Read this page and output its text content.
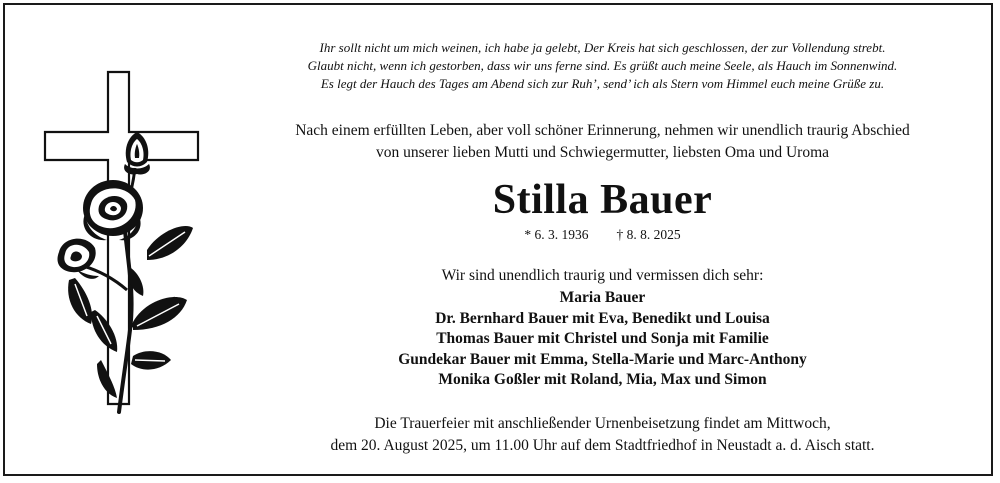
Ihr sollt nicht um mich weinen, ich habe ja gelebt, Der Kreis hat sich geschlossen, der zur Vollendung strebt.
Glaubt nicht, wenn ich gestorben, dass wir uns ferne sind. Es grüßt auch meine Seele, als Hauch im Sonnenwind.
Es legt der Hauch des Tages am Abend sich zur Ruh’, send’ ich als Stern vom Himmel euch meine Grüße zu.
Nach einem erfüllten Leben, aber voll schöner Erinnerung, nehmen wir unendlich traurig Abschied
von unserer lieben Mutti und Schwiegermutter, liebsten Oma und Uroma
Stilla Bauer
* 6. 3. 1936 † 8. 8. 2025
Wir sind unendlich traurig und vermissen dich sehr:
Maria Bauer
Dr. Bernhard Bauer mit Eva, Benedikt und Louisa
Thomas Bauer mit Christel und Sonja mit Familie
Gundekar Bauer mit Emma, Stella-Marie und Marc-Anthony
Monika Goßler mit Roland, Mia, Max und Simon
Die Trauerfeier mit anschließender Urnenbeisetzung findet am Mittwoch,
dem 20. August 2025, um 11.00 Uhr auf dem Stadtfriedhof in Neustadt a. d. Aisch statt.
